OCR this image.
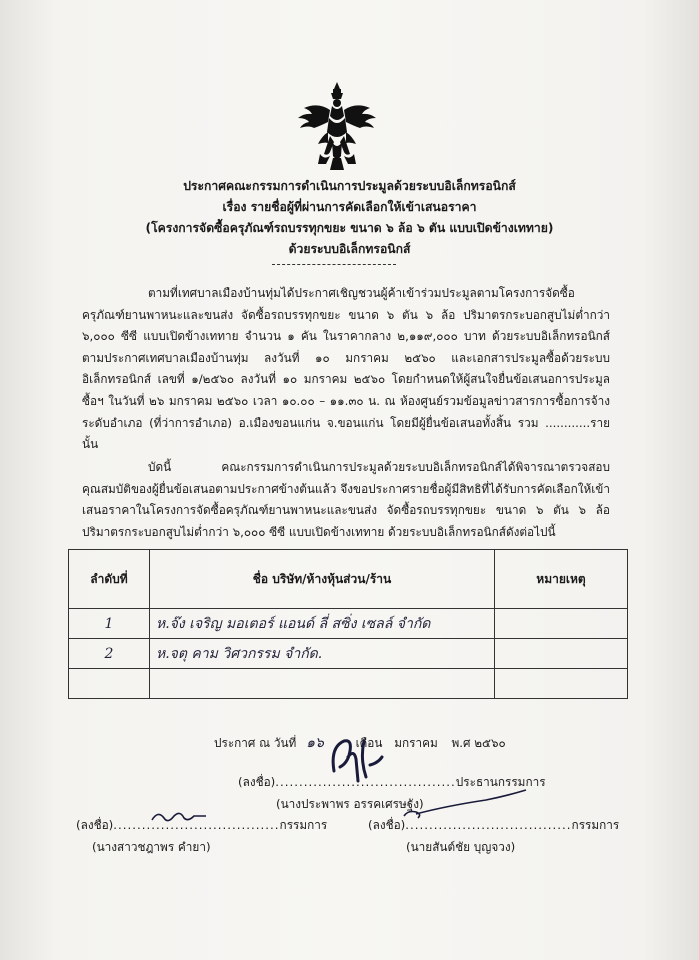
ประกาศคณะกรรมการดำเนินการประมูลด้วยระบบอิเล็กทรอนิกส์
เรื่อง รายชื่อผู้ที่ผ่านการคัดเลือกให้เข้าเสนอราคา
(โครงการจัดซื้อครุภัณฑ์รถบรรทุกขยะ ขนาด ๖ ล้อ ๖ ตัน แบบเปิดข้างเททาย)
ด้วยระบบอิเล็กทรอนิกส์
ตามที่เทศบาลเมืองบ้านทุ่มได้ประกาศเชิญชวนผู้ค้าเข้าร่วมประมูลตามโครงการจัดซื้อครุภัณฑ์ยานพาหนะและขนส่ง จัดซื้อรถบรรทุกขยะ ขนาด ๖ ตัน ๖ ล้อ ปริมาตรกระบอกสูบไม่ต่ำกว่า ๖,๐๐๐ ซีซี แบบเปิดข้างเททาย จำนวน ๑ คัน ในราคากลาง ๒,๑๑๙,๐๐๐ บาท ด้วยระบบอิเล็กทรอนิกส์ ตามประกาศเทศบาลเมืองบ้านทุ่ม ลงวันที่ ๑๐ มกราคม ๒๕๖๐ และเอกสารประมูลซื้อด้วยระบบอิเล็กทรอนิกส์ เลขที่ ๑/๒๕๖๐ ลงวันที่ ๑๐ มกราคม ๒๕๖๐ โดยกำหนดให้ผู้สนใจยื่นข้อเสนอการประมูลซื้อฯ ในวันที่ ๒๖ มกราคม ๒๕๖๐ เวลา ๑๐.๐๐ – ๑๑.๓๐ น. ณ ห้องศูนย์รวมข้อมูลข่าวสารการซื้อการจ้างระดับอำเภอ (ที่ว่าการอำเภอ) อ.เมืองขอนแก่น จ.ขอนแก่น โดยมีผู้ยื่นข้อเสนอทั้งสิ้น รวม ............ราย นั้น
บัดนี้ คณะกรรมการดำเนินการประมูลด้วยระบบอิเล็กทรอนิกส์ได้พิจารณาตรวจสอบคุณสมบัติของผู้ยื่นข้อเสนอตามประกาศข้างต้นแล้ว จึงขอประกาศรายชื่อผู้มีสิทธิที่ได้รับการคัดเลือกให้เข้าเสนอราคาในโครงการจัดซื้อครุภัณฑ์ยานพาหนะและขนส่ง จัดซื้อรถบรรทุกขยะ ขนาด ๖ ตัน ๖ ล้อ ปริมาตรกระบอกสูบไม่ต่ำกว่า ๖,๐๐๐ ซีซี แบบเปิดข้างเททาย ด้วยระบบอิเล็กทรอนิกส์ดังต่อไปนี้
ลำดับที่	ชื่อ บริษัท/ห้างหุ้นส่วน/ร้าน	หมายเหตุ
1	ห.จ๊ง เจริญ มอเตอร์ แอนด์ ลี่ สซิ่ง เซลล์ จำกัด	
2	ห.จตุ คาม วิศวกรรม จำกัด.	

ประกาศ ณ วันที่ ๑๖	เดือน มกราคม พ.ศ ๒๕๖๐
(ลงชื่อ)......................................ประธานกรรมการ
(นางประพาพร อรรคเศรษฐัง)
(ลงชื่อ)...................................กรรมการ
(นางสาวชฎาพร คำยา)
(ลงชื่อ)...................................กรรมการ
(นายสันต์ชัย บุญจวง)
